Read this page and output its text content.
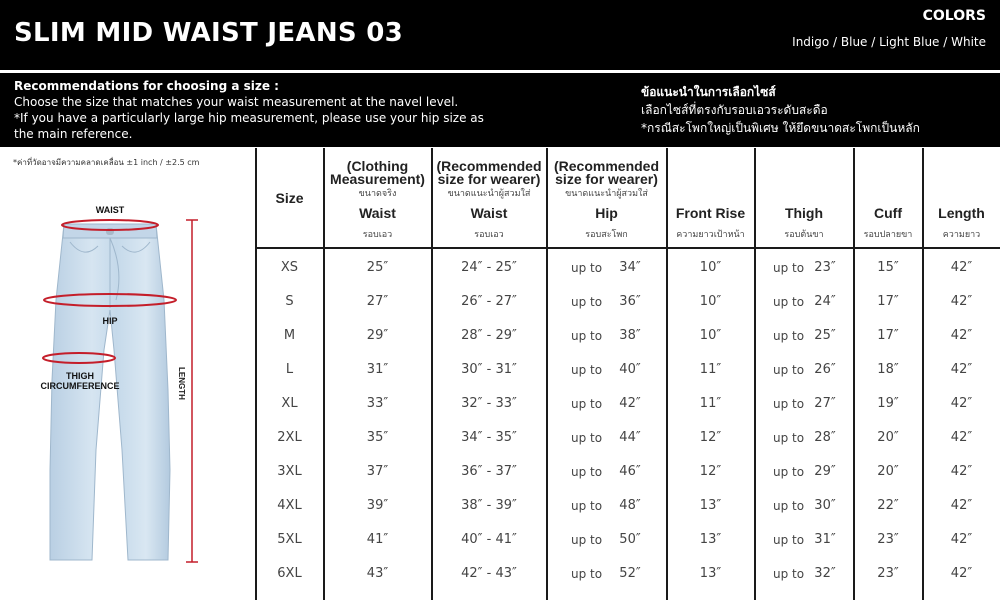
SLIM MID WAIST JEANS 03
COLORS
Indigo / Blue / Light Blue / White
Recommendations for choosing a size :
Choose the size that matches your waist measurement at the navel level.
*If you have a particularly large hip measurement, please use your hip size as the main reference.
ข้อแนะนำในการเลือกไซส์
เลือกไซส์ที่ตรงกับรอบเอวระดับสะดือ
*กรณีสะโพกใหญ่เป็นพิเศษ ให้ยึดขนาดสะโพกเป็นหลัก
*ค่าที่วัดอาจมีความคลาดเคลื่อน ±1 inch / ±2.5 cm
WAIST
HIP
THIGH
CIRCUMFERENCE	LENGTH
Size
(Clothing
Measurement)
ขนาดจริง
Waist
รอบเอว
(Recommended
size for wearer)
ขนาดแนะนำผู้สวมใส่
Waist
รอบเอว
(Recommended
size for wearer)
ขนาดแนะนำผู้สวมใส่
Hip
รอบสะโพก
Front Rise
ความยาวเป้าหน้า
Thigh
รอบต้นขา
Cuff
รอบปลายขา
Length
ความยาว
XS	25″	24″ - 25″	up to	34″	10″	up to 23″	15″	42″
S	27″	26″ - 27″	up to	36″	10″	up to 24″	17″	42″
M	29″	28″ - 29″	up to	38″	10″	up to 25″	17″	42″
L	31″	30″ - 31″	up to	40″	11″	up to 26″	18″	42″
XL	33″	32″ - 33″	up to	42″	11″	up to 27″	19″	42″
2XL	35″	34″ - 35″	up to	44″	12″	up to 28″	20″	42″
3XL	37″	36″ - 37″	up to	46″	12″	up to 29″	20″	42″
4XL	39″	38″ - 39″	up to	48″	13″	up to 30″	22″	42″
5XL	41″	40″ - 41″	up to	50″	13″	up to 31″	23″	42″
6XL	43″	42″ - 43″	up to	52″	13″	up to 32″	23″	42″
